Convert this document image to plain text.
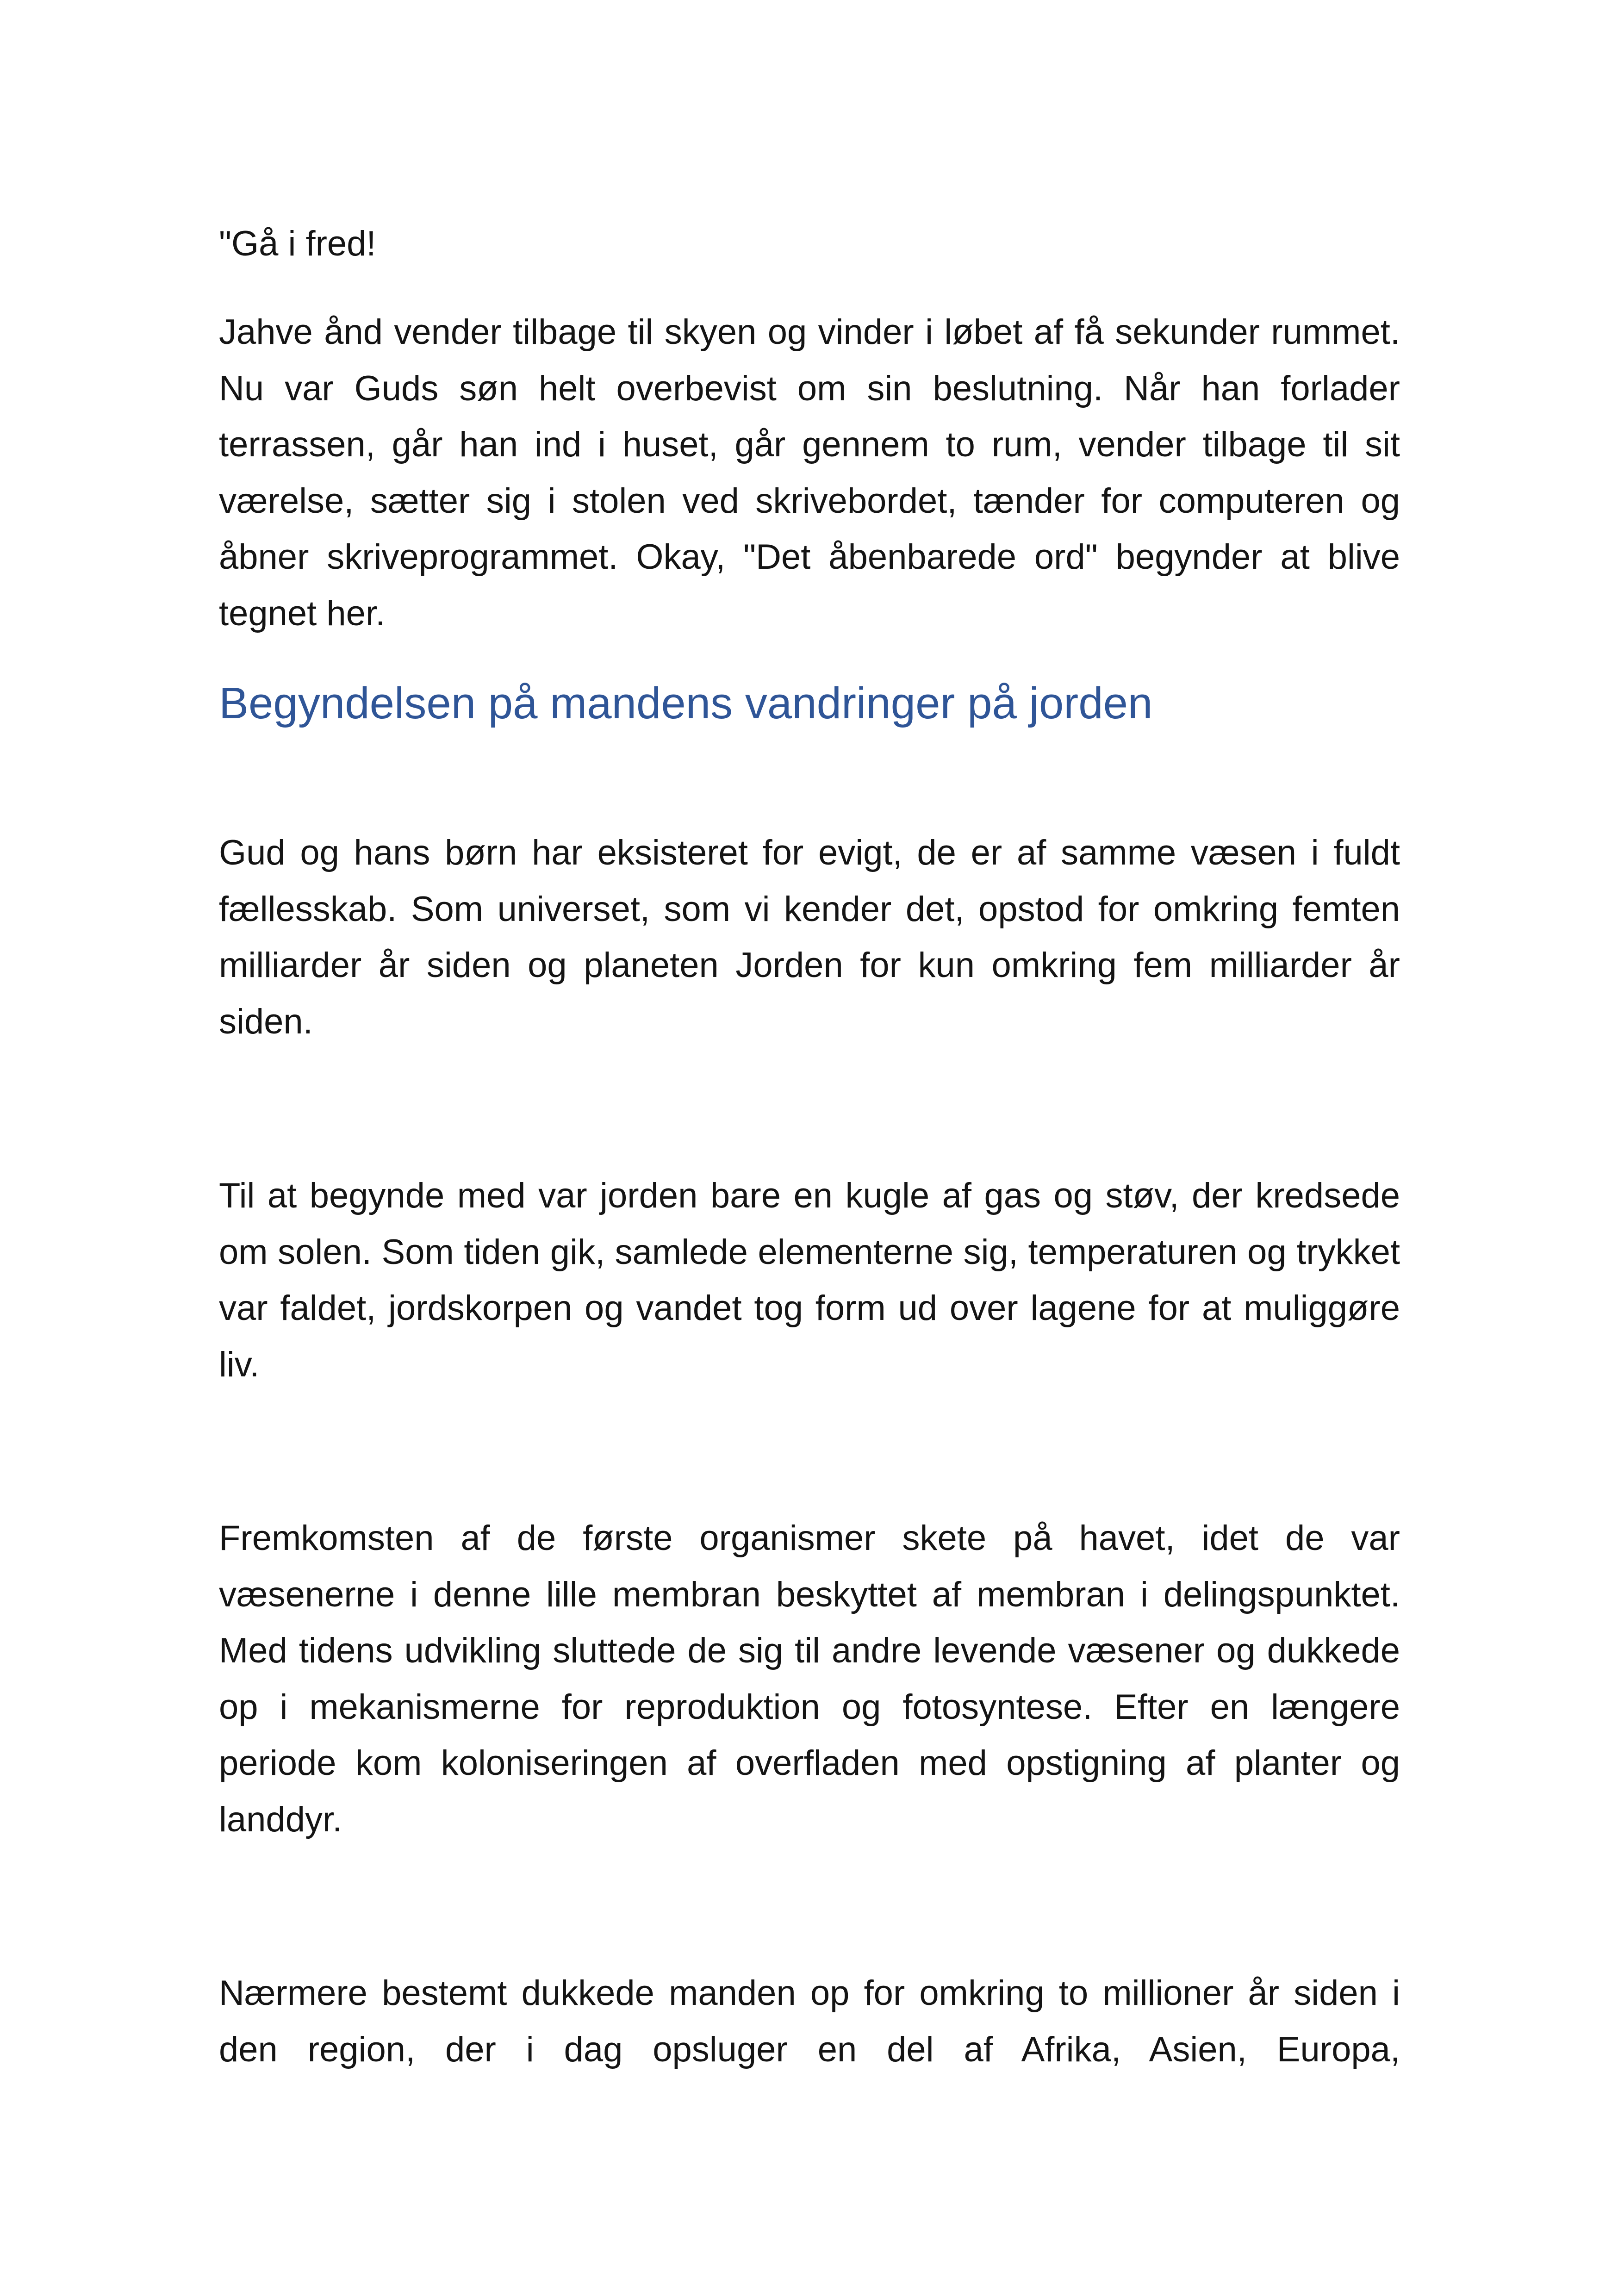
"Gå i fred!

Jahve ånd vender tilbage til skyen og vinder i løbet af få sekunder rummet. Nu var Guds søn helt overbevist om sin beslutning. Når han forlader terrassen, går han ind i huset, går gennem to rum, vender tilbage til sit værelse, sætter sig i stolen ved skrivebordet, tænder for computeren og åbner skriveprogrammet. Okay, "Det åbenbarede ord" begynder at blive tegnet her.

Begyndelsen på mandens vandringer på jorden

Gud og hans børn har eksisteret for evigt, de er af samme væsen i fuldt fællesskab. Som universet, som vi kender det, opstod for omkring femten milliarder år siden og planeten Jorden for kun omkring fem milliarder år siden.

Til at begynde med var jorden bare en kugle af gas og støv, der kredsede om solen. Som tiden gik, samlede elementerne sig, temperaturen og trykket var faldet, jordskorpen og vandet tog form ud over lagene for at muliggøre liv.

Fremkomsten af de første organismer skete på havet, idet de var væsenerne i denne lille membran beskyttet af membran i delingspunktet. Med tidens udvikling sluttede de sig til andre levende væsener og dukkede op i mekanismerne for reproduktion og fotosyntese. Efter en længere periode kom koloniseringen af overfladen med opstigning af planter og landdyr.

Nærmere bestemt dukkede manden op for omkring to millioner år siden i den region, der i dag opsluger en del af Afrika, Asien, Europa,
